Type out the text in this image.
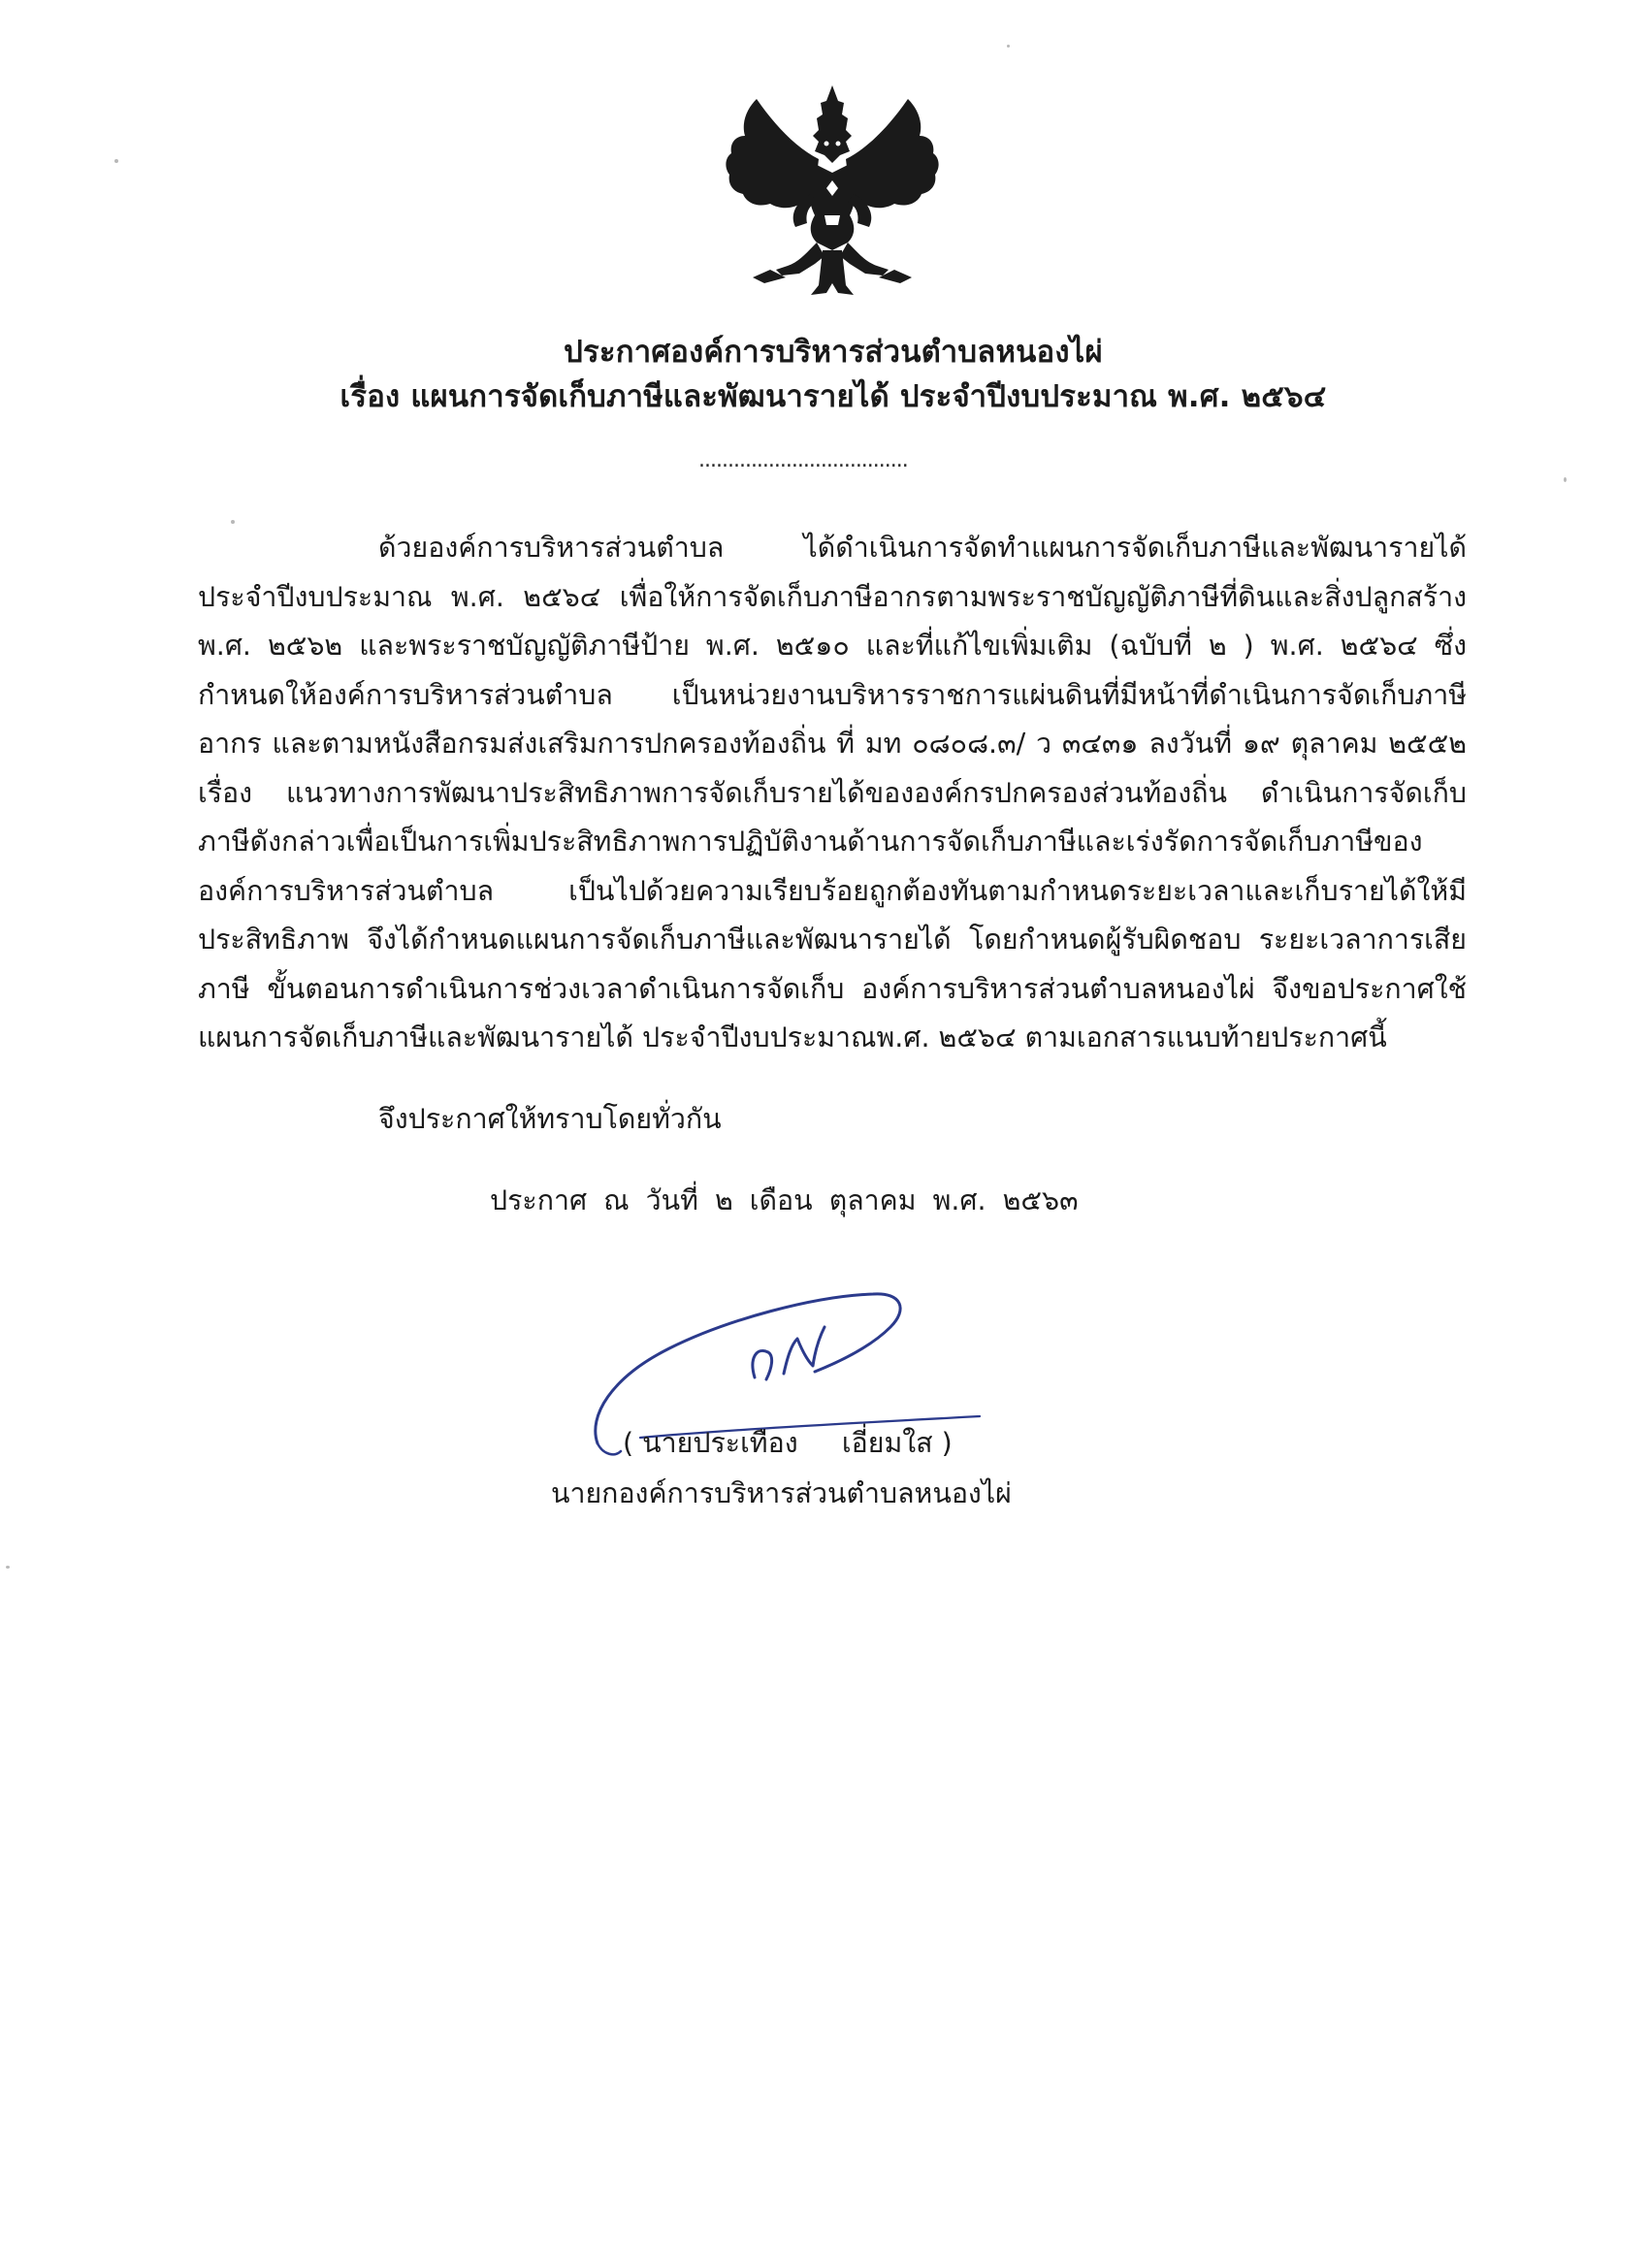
ประกาศองค์การบริหารส่วนตำบลหนองไผ่
เรื่อง แผนการจัดเก็บภาษีและพัฒนารายได้ ประจำปีงบประมาณ พ.ศ. ๒๕๖๔
....................................
ด้วยองค์การบริหารส่วนตำบล ได้ดำเนินการจัดทำแผนการจัดเก็บภาษีและพัฒนารายได้ประจำปีงบประมาณ พ.ศ. ๒๕๖๔ เพื่อให้การจัดเก็บภาษีอากรตามพระราชบัญญัติภาษีที่ดินและสิ่งปลูกสร้าง พ.ศ. ๒๕๖๒ และพระราชบัญญัติภาษีป้าย พ.ศ. ๒๕๑๐ และที่แก้ไขเพิ่มเติม (ฉบับที่ ๒ ) พ.ศ. ๒๕๖๔ ซึ่งกำหนดให้องค์การบริหารส่วนตำบล เป็นหน่วยงานบริหารราชการแผ่นดินที่มีหน้าที่ดำเนินการจัดเก็บภาษีอากร และตามหนังสือกรมส่งเสริมการปกครองท้องถิ่น ที่ มท ๐๘๐๘.๓/ ว ๓๔๓๑ ลงวันที่ ๑๙ ตุลาคม ๒๕๕๒ เรื่อง แนวทางการพัฒนาประสิทธิภาพการจัดเก็บรายได้ขององค์กรปกครองส่วนท้องถิ่น ดำเนินการจัดเก็บภาษีดังกล่าวเพื่อเป็นการเพิ่มประสิทธิภาพการปฏิบัติงานด้านการจัดเก็บภาษีและเร่งรัดการจัดเก็บภาษีขององค์การบริหารส่วนตำบล เป็นไปด้วยความเรียบร้อยถูกต้องทันตามกำหนดระยะเวลาและเก็บรายได้ให้มีประสิทธิภาพ จึงได้กำหนดแผนการจัดเก็บภาษีและพัฒนารายได้ โดยกำหนดผู้รับผิดชอบ ระยะเวลาการเสียภาษี ขั้นตอนการดำเนินการช่วงเวลาดำเนินการจัดเก็บ องค์การบริหารส่วนตำบลหนองไผ่ จึงขอประกาศใช้แผนการจัดเก็บภาษีและพัฒนารายได้ ประจำปีงบประมาณพ.ศ. ๒๕๖๔ ตามเอกสารแนบท้ายประกาศนี้
จึงประกาศให้ทราบโดยทั่วกัน
ประกาศ ณ วันที่ ๒ เดือน ตุลาคม พ.ศ. ๒๕๖๓
( นายประเทือง     เอี่ยมใส )
นายกองค์การบริหารส่วนตำบลหนองไผ่
